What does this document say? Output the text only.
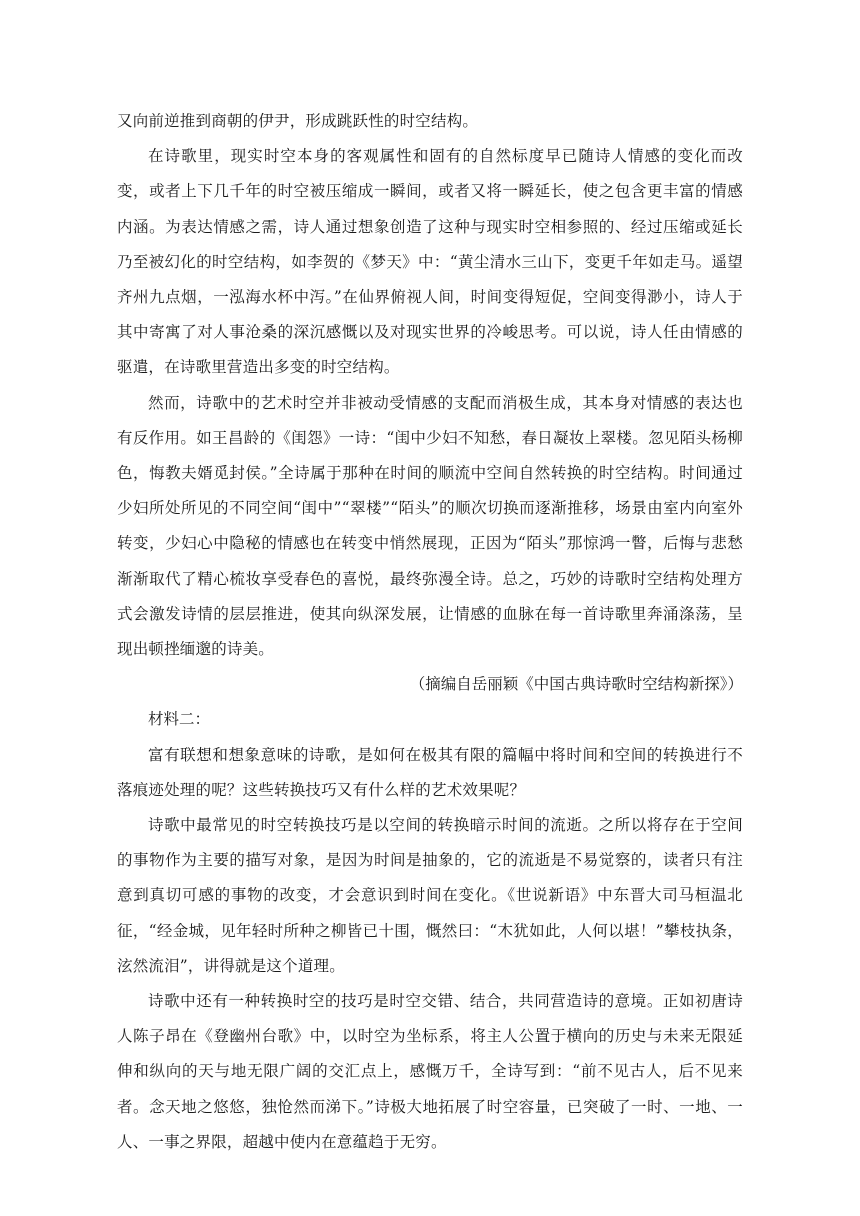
又向前逆推到商朝的伊尹，形成跳跃性的时空结构。

在诗歌里，现实时空本身的客观属性和固有的自然标度早已随诗人情感的变化而改变，或者上下几千年的时空被压缩成一瞬间，或者又将一瞬延长，使之包含更丰富的情感内涵。为表达情感之需，诗人通过想象创造了这种与现实时空相参照的、经过压缩或延长乃至被幻化的时空结构，如李贺的《梦天》中：“黄尘清水三山下，变更千年如走马。遥望齐州九点烟，一泓海水杯中泻。”在仙界俯视人间，时间变得短促，空间变得渺小，诗人于其中寄寓了对人事沧桑的深沉感慨以及对现实世界的冷峻思考。可以说，诗人任由情感的驱遣，在诗歌里营造出多变的时空结构。

然而，诗歌中的艺术时空并非被动受情感的支配而消极生成，其本身对情感的表达也有反作用。如王昌龄的《闺怨》一诗：“闺中少妇不知愁，春日凝妆上翠楼。忽见陌头杨柳色，悔教夫婿觅封侯。”全诗属于那种在时间的顺流中空间自然转换的时空结构。时间通过少妇所处所见的不同空间“闺中”“翠楼”“陌头”的顺次切换而逐渐推移，场景由室内向室外转变，少妇心中隐秘的情感也在转变中悄然展现，正因为“陌头”那惊鸿一瞥，后悔与悲愁渐渐取代了精心梳妆享受春色的喜悦，最终弥漫全诗。总之，巧妙的诗歌时空结构处理方式会激发诗情的层层推进，使其向纵深发展，让情感的血脉在每一首诗歌里奔涌涤荡，呈现出顿挫缅邈的诗美。

（摘编自岳丽颖《中国古典诗歌时空结构新探》）

材料二：

富有联想和想象意味的诗歌，是如何在极其有限的篇幅中将时间和空间的转换进行不落痕迹处理的呢？这些转换技巧又有什么样的艺术效果呢？

诗歌中最常见的时空转换技巧是以空间的转换暗示时间的流逝。之所以将存在于空间的事物作为主要的描写对象，是因为时间是抽象的，它的流逝是不易觉察的，读者只有注意到真切可感的事物的改变，才会意识到时间在变化。《世说新语》中东晋大司马桓温北征，“经金城，见年轻时所种之柳皆已十围，慨然曰：“木犹如此，人何以堪！”攀枝执条，泫然流泪”，讲得就是这个道理。

诗歌中还有一种转换时空的技巧是时空交错、结合，共同营造诗的意境。正如初唐诗人陈子昂在《登幽州台歌》中，以时空为坐标系，将主人公置于横向的历史与未来无限延伸和纵向的天与地无限广阔的交汇点上，感慨万千，全诗写到：“前不见古人，后不见来者。念天地之悠悠，独怆然而涕下。”诗极大地拓展了时空容量，已突破了一时、一地、一人、一事之界限，超越中使内在意蕴趋于无穷。
